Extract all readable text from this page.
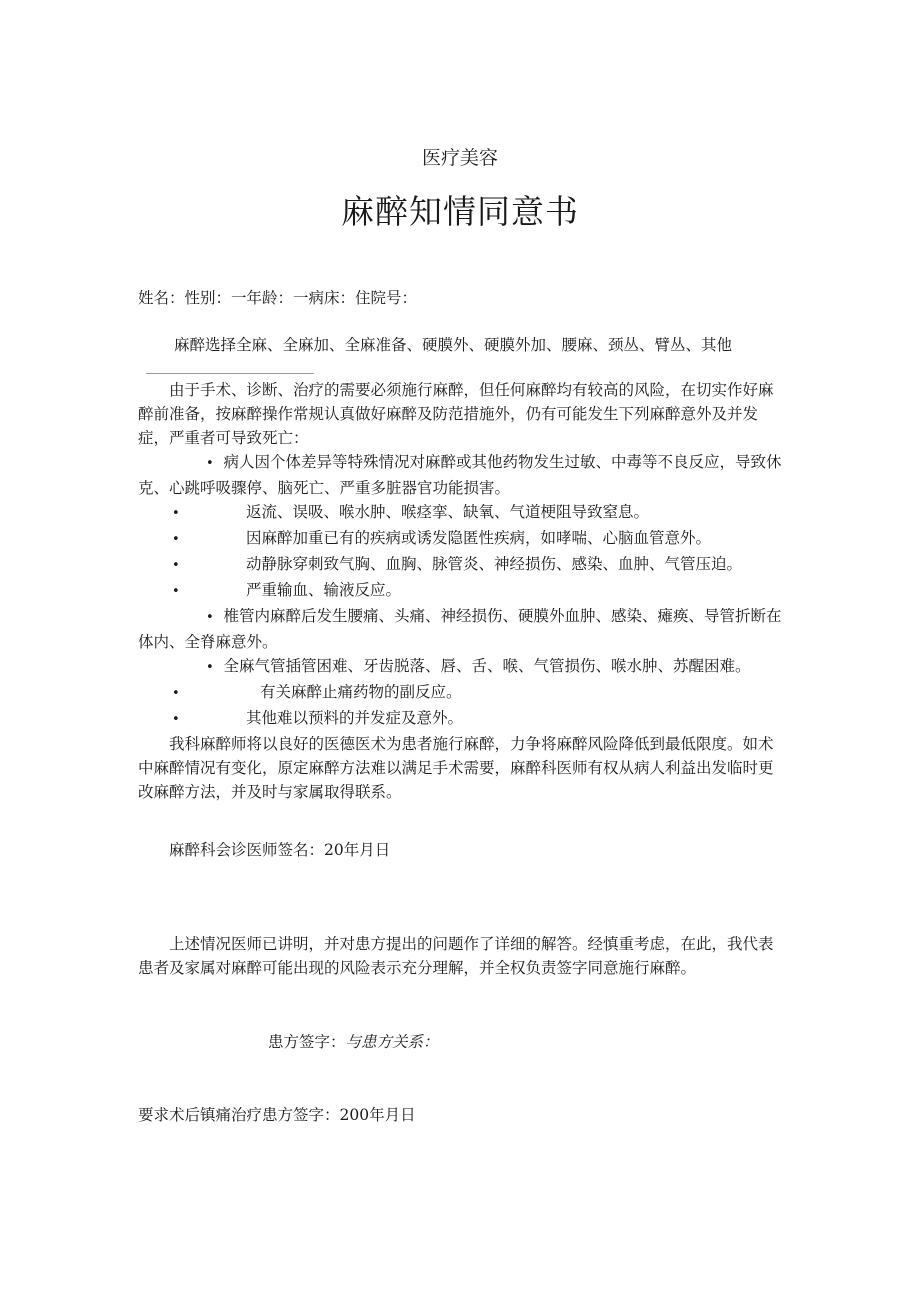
医疗美容
麻醉知情同意书
姓名：性别：一年龄：一病床：住院号：
麻醉选择全麻、全麻加、全麻准备、硬膜外、硬膜外加、腰麻、颈丛、臂丛、其他
由于手术、诊断、治疗的需要必须施行麻醉，但任何麻醉均有较高的风险，在切实作好麻醉前准备，按麻醉操作常规认真做好麻醉及防范措施外，仍有可能发生下列麻醉意外及并发症，严重者可导致死亡：
• 病人因个体差异等特殊情况对麻醉或其他药物发生过敏、中毒等不良反应，导致休克、心跳呼吸骤停、脑死亡、严重多脏器官功能损害。
•	返流、误吸、喉水肿、喉痉挛、缺氧、气道梗阻导致窒息。
•	因麻醉加重已有的疾病或诱发隐匿性疾病，如哮喘、心脑血管意外。
•	动静脉穿刺致气胸、血胸、脉管炎、神经损伤、感染、血肿、气管压迫。
•	严重输血、输液反应。
• 椎管内麻醉后发生腰痛、头痛、神经损伤、硬膜外血肿、感染、瘫痪、导管折断在体内、全脊麻意外。
• 全麻气管插管困难、牙齿脱落、唇、舌、喉、气管损伤、喉水肿、苏醒困难。
•	有关麻醉止痛药物的副反应。
•	其他难以预料的并发症及意外。
我科麻醉师将以良好的医德医术为患者施行麻醉，力争将麻醉风险降低到最低限度。如术中麻醉情况有变化，原定麻醉方法难以满足手术需要，麻醉科医师有权从病人利益出发临时更改麻醉方法，并及时与家属取得联系。
麻醉科会诊医师签名：20年月日
上述情况医师已讲明，并对患方提出的问题作了详细的解答。经慎重考虑，在此，我代表患者及家属对麻醉可能出现的风险表示充分理解，并全权负责签字同意施行麻醉。
患方签字：与患方关系：
要求术后镇痛治疗患方签字：200年月日
